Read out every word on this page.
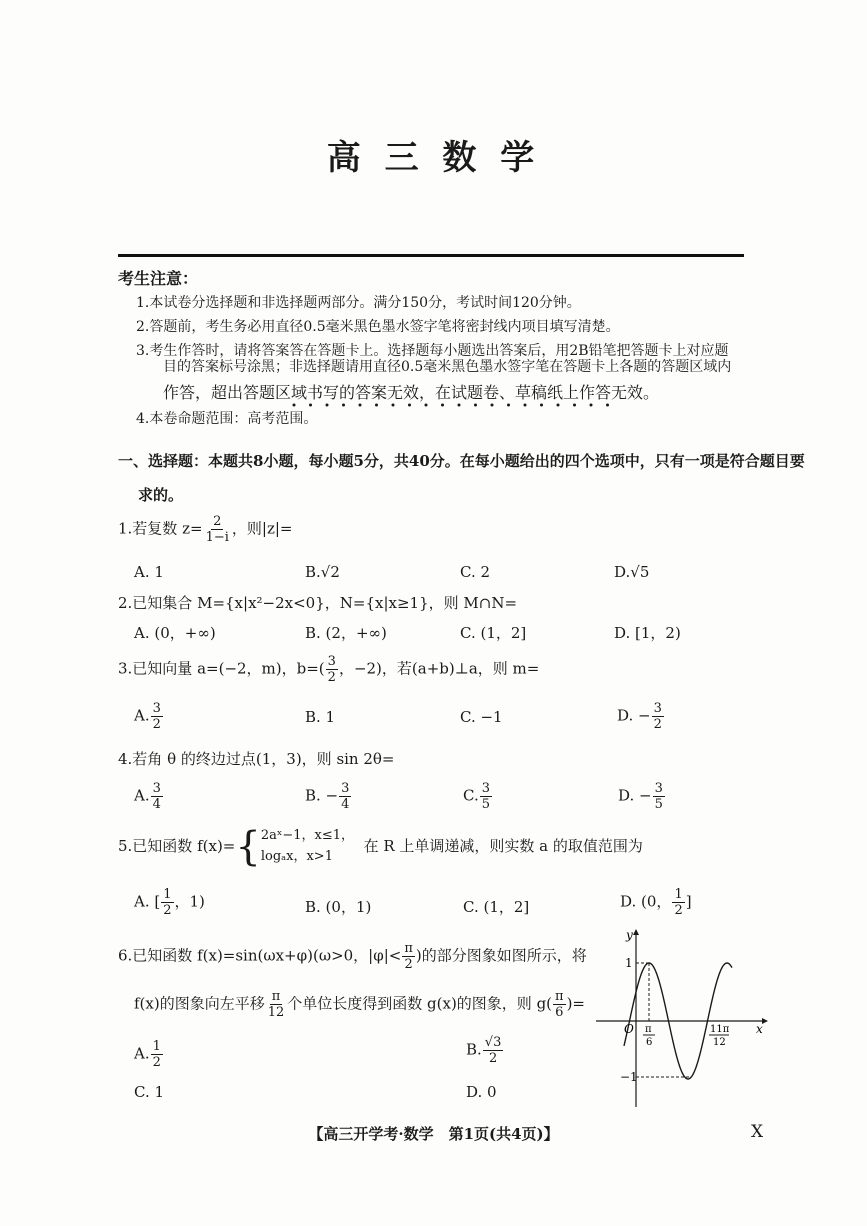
高 三 数 学
考生注意：
1.本试卷分选择题和非选择题两部分。满分150分，考试时间120分钟。
2.答题前，考生务必用直径0.5毫米黑色墨水签字笔将密封线内项目填写清楚。
3.考生作答时，请将答案答在答题卡上。选择题每小题选出答案后，用2B铅笔把答题卡上对应题
目的答案标号涂黑；非选择题请用直径0.5毫米黑色墨水签字笔在答题卡上各题的答题区域内
作答，超出答题区域书写的答案无效，在试题卷、草稿纸上作答无效。
4.本卷命题范围：高考范围。
一、选择题：本题共8小题，每小题5分，共40分。在每小题给出的四个选项中，只有一项是符合题目要
求的。
1.若复数 $z= \frac{2}{1-i}$ ，则|z|=
A. 1	B.√2	C. 2	D.√5
2.已知集合 M={x|x²−2x<0}，N={x|x≥1}，则 M∩N=
A. (0，+∞)	B. (2，+∞)	C. (1，2]	D. [1，2)
3.已知向量 a=(−2，m)，$b=( \frac{3}{2}$ ，−2)，若(a+b)⊥a，则 m=
A. $\frac{3}{2}$	B. 1	C. −1	D. − $\frac{3}{2}$
4.若角 θ 的终边过点(1，3)，则 sin 2θ=
A. $\frac{3}{4}$	B. − $\frac{3}{4}$	C. $\frac{3}{5}$	D. − $\frac{3}{5}$
5.已知函数 f(x)={ 2aˣ−1，x≤1，
logₐx，x>1
在 R 上单调递减，则实数 a 的取值范围为
A. [ $\frac{1}{2}$ ，1)	B. (0，1)	C. (1，2]	D. (0， $\frac{1}{2}$ ]
6.已知函数 f(x)=sin(ωx+φ)(ω>0，$|\varphi|< \frac{\pi}{2}$ )的部分图象如图所示，将
f(x)的图象向左平移 $\frac{\pi}{12}$ 个单位长度得到函数 g(x)的图象，则 $g( \frac{\pi}{6}$ )=
A. $\frac{1}{2}$	B. $\frac{√3}{2}$
C. 1	D. 0
y
x
O
1
−1
π
6
11π
12
【高三开学考·数学　第1页(共4页)】	X
